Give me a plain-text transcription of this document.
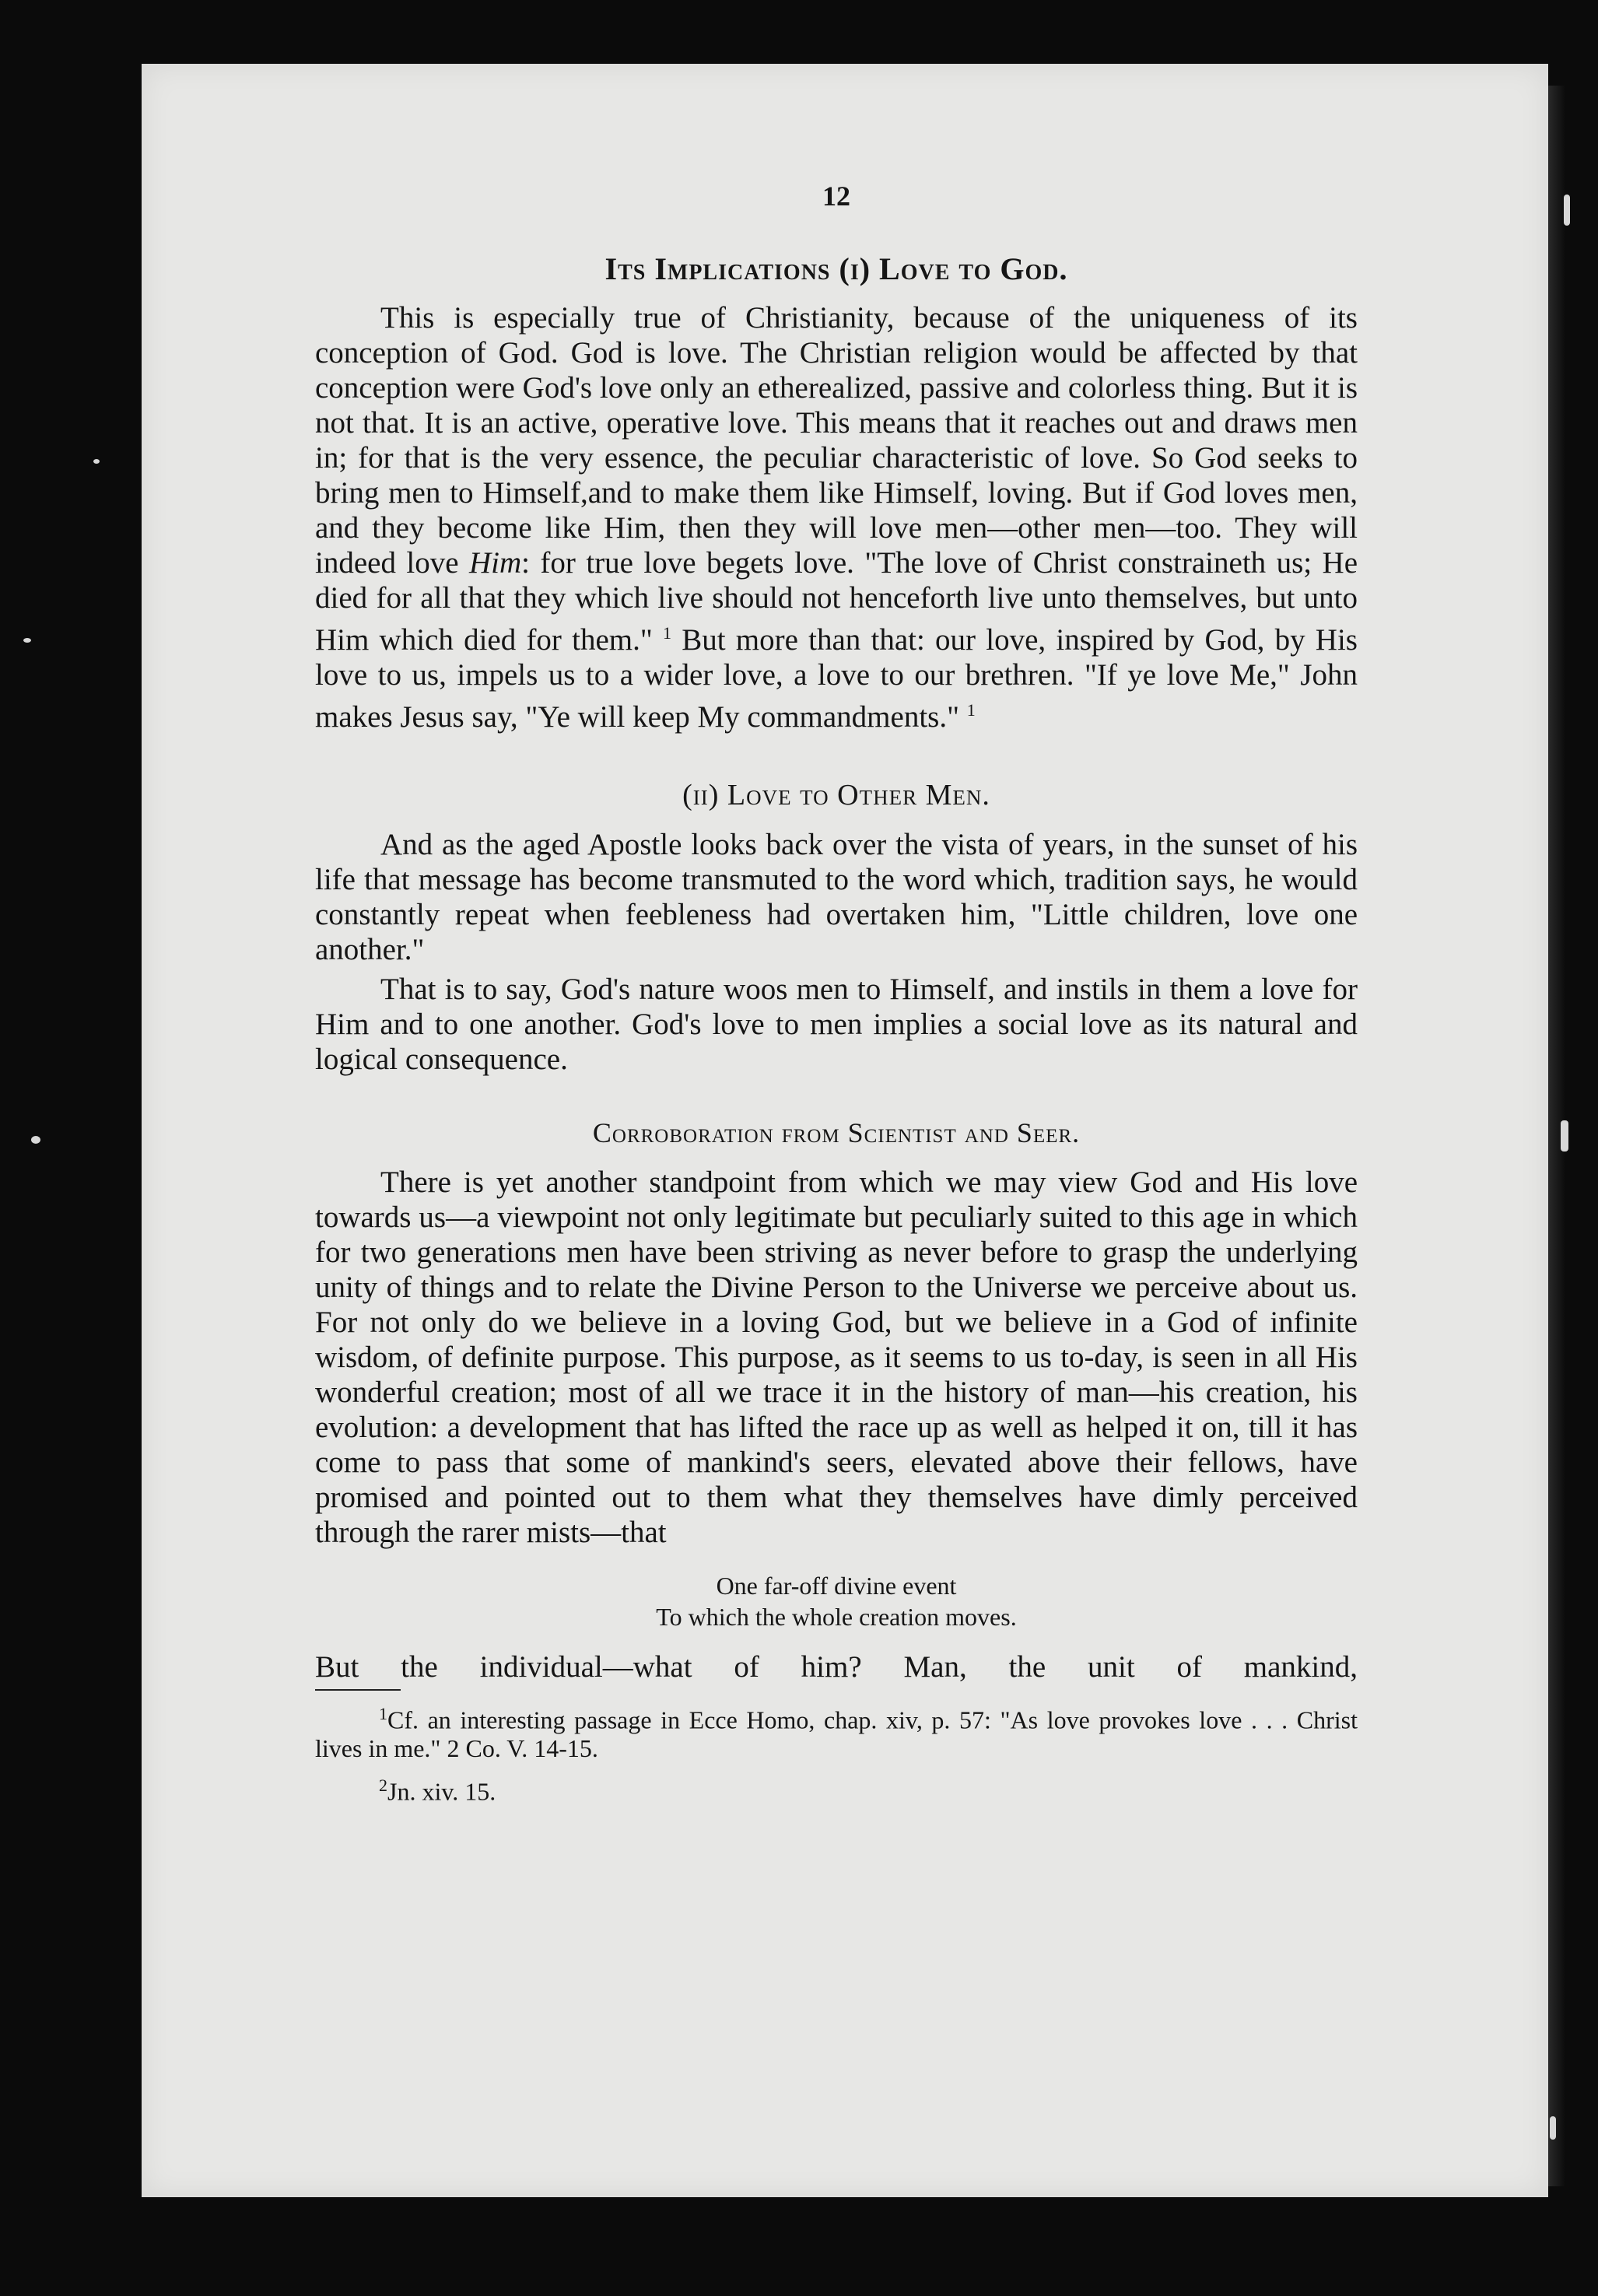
12
Its Implications (i) Love to God.

This is especially true of Christianity, because of the uniqueness of its conception of God. God is love. The Christian religion would be affected by that conception were God's love only an etherealized, passive and colorless thing. But it is not that. It is an active, operative love. This means that it reaches out and draws men in; for that is the very essence, the peculiar characteristic of love. So God seeks to bring men to Himself,and to make them like Himself, loving. But if God loves men, and they become like Him, then they will love men—other men—too. They will indeed love Him: for true love begets love. "The love of Christ constraineth us; He died for all that they which live should not henceforth live unto themselves, but unto Him which died for them." $^1$ But more than that: our love, inspired by God, by His love to us, impels us to a wider love, a love to our brethren. "If ye love Me," John makes Jesus say, "Ye will keep My commandments." $^1$

(ii) Love to Other Men.

And as the aged Apostle looks back over the vista of years, in the sunset of his life that message has become transmuted to the word which, tradition says, he would constantly repeat when feebleness had overtaken him, "Little children, love one another."

That is to say, God's nature woos men to Himself, and instils in them a love for Him and to one another. God's love to men implies a social love as its natural and logical consequence.

Corroboration from Scientist and Seer.

There is yet another standpoint from which we may view God and His love towards us—a viewpoint not only legitimate but peculiarly suited to this age in which for two generations men have been striving as never before to grasp the underlying unity of things and to relate the Divine Person to the Universe we perceive about us. For not only do we believe in a loving God, but we believe in a God of infinite wisdom, of definite purpose. This purpose, as it seems to us to-day, is seen in all His wonderful creation; most of all we trace it in the history of man—his creation, his evolution: a development that has lifted the race up as well as helped it on, till it has come to pass that some of mankind's seers, elevated above their fellows, have promised and pointed out to them what they themselves have dimly perceived through the rarer mists—that

One far-off divine event
To which the whole creation moves.

But the individual—what of him? Man, the unit of mankind,

$^1$Cf. an interesting passage in Ecce Homo, chap. xiv, p. 57: "As love provokes love . . . Christ lives in me." 2 Co. V. 14-15.

$^2$Jn. xiv. 15.
